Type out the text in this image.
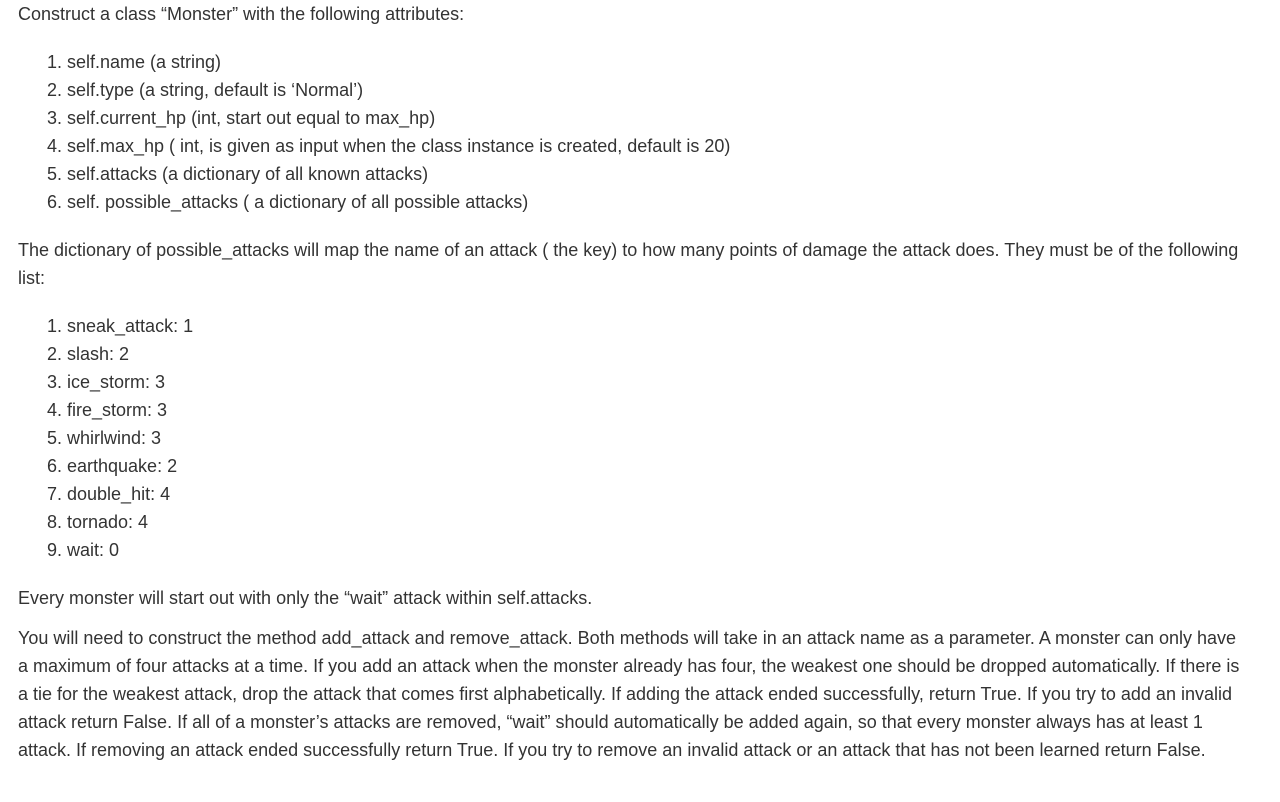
Construct a class “Monster” with the following attributes:

1. self.name (a string)
2. self.type (a string, default is ‘Normal’)
3. self.current_hp (int, start out equal to max_hp)
4. self.max_hp ( int, is given as input when the class instance is created, default is 20)
5. self.attacks (a dictionary of all known attacks)
6. self. possible_attacks ( a dictionary of all possible attacks)

The dictionary of possible_attacks will map the name of an attack ( the key) to how many points of damage the attack does. They must be of the following list:

1. sneak_attack: 1
2. slash: 2
3. ice_storm: 3
4. fire_storm: 3
5. whirlwind: 3
6. earthquake: 2
7. double_hit: 4
8. tornado: 4
9. wait: 0

Every monster will start out with only the “wait” attack within self.attacks.

You will need to construct the method add_attack and remove_attack. Both methods will take in an attack name as a parameter. A monster can only have a maximum of four attacks at a time. If you add an attack when the monster already has four, the weakest one should be dropped automatically. If there is a tie for the weakest attack, drop the attack that comes first alphabetically. If adding the attack ended successfully, return True. If you try to add an invalid attack return False. If all of a monster’s attacks are removed, “wait” should automatically be added again, so that every monster always has at least 1 attack. If removing an attack ended successfully return True. If you try to remove an invalid attack or an attack that has not been learned return False.
